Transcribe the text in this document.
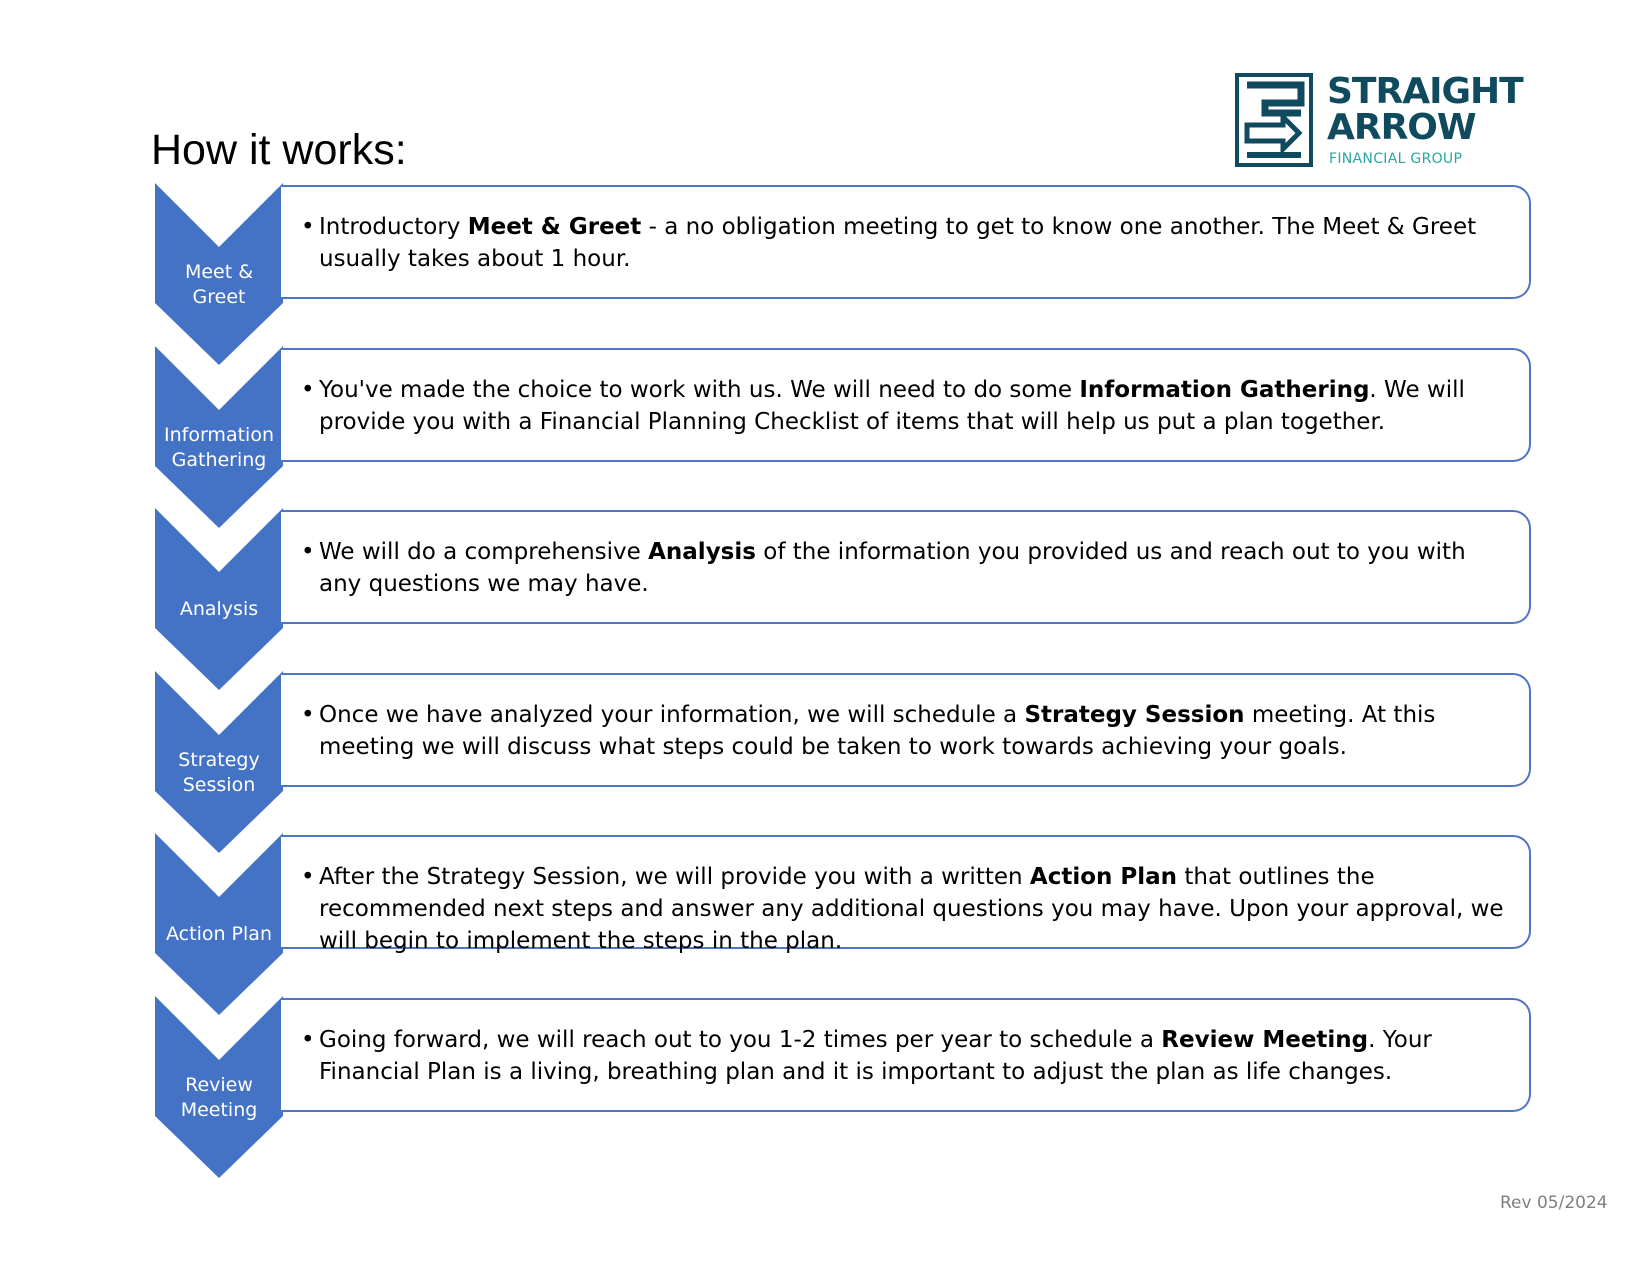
How it works:
STRAIGHT
ARROW
FINANCIAL GROUP
Meet &
Greet
• Introductory Meet & Greet - a no obligation meeting to get to know one another. The Meet & Greet usually takes about 1 hour.
Information
Gathering
• You've made the choice to work with us. We will need to do some Information Gathering. We will provide you with a Financial Planning Checklist of items that will help us put a plan together.
Analysis
• We will do a comprehensive Analysis of the information you provided us and reach out to you with any questions we may have.
Strategy
Session
• Once we have analyzed your information, we will schedule a Strategy Session meeting. At this meeting we will discuss what steps could be taken to work towards achieving your goals.
Action Plan
• After the Strategy Session, we will provide you with a written Action Plan that outlines the recommended next steps and answer any additional questions you may have. Upon your approval, we will begin to implement the steps in the plan.
Review
Meeting
• Going forward, we will reach out to you 1-2 times per year to schedule a Review Meeting. Your Financial Plan is a living, breathing plan and it is important to adjust the plan as life changes.
Rev 05/2024
